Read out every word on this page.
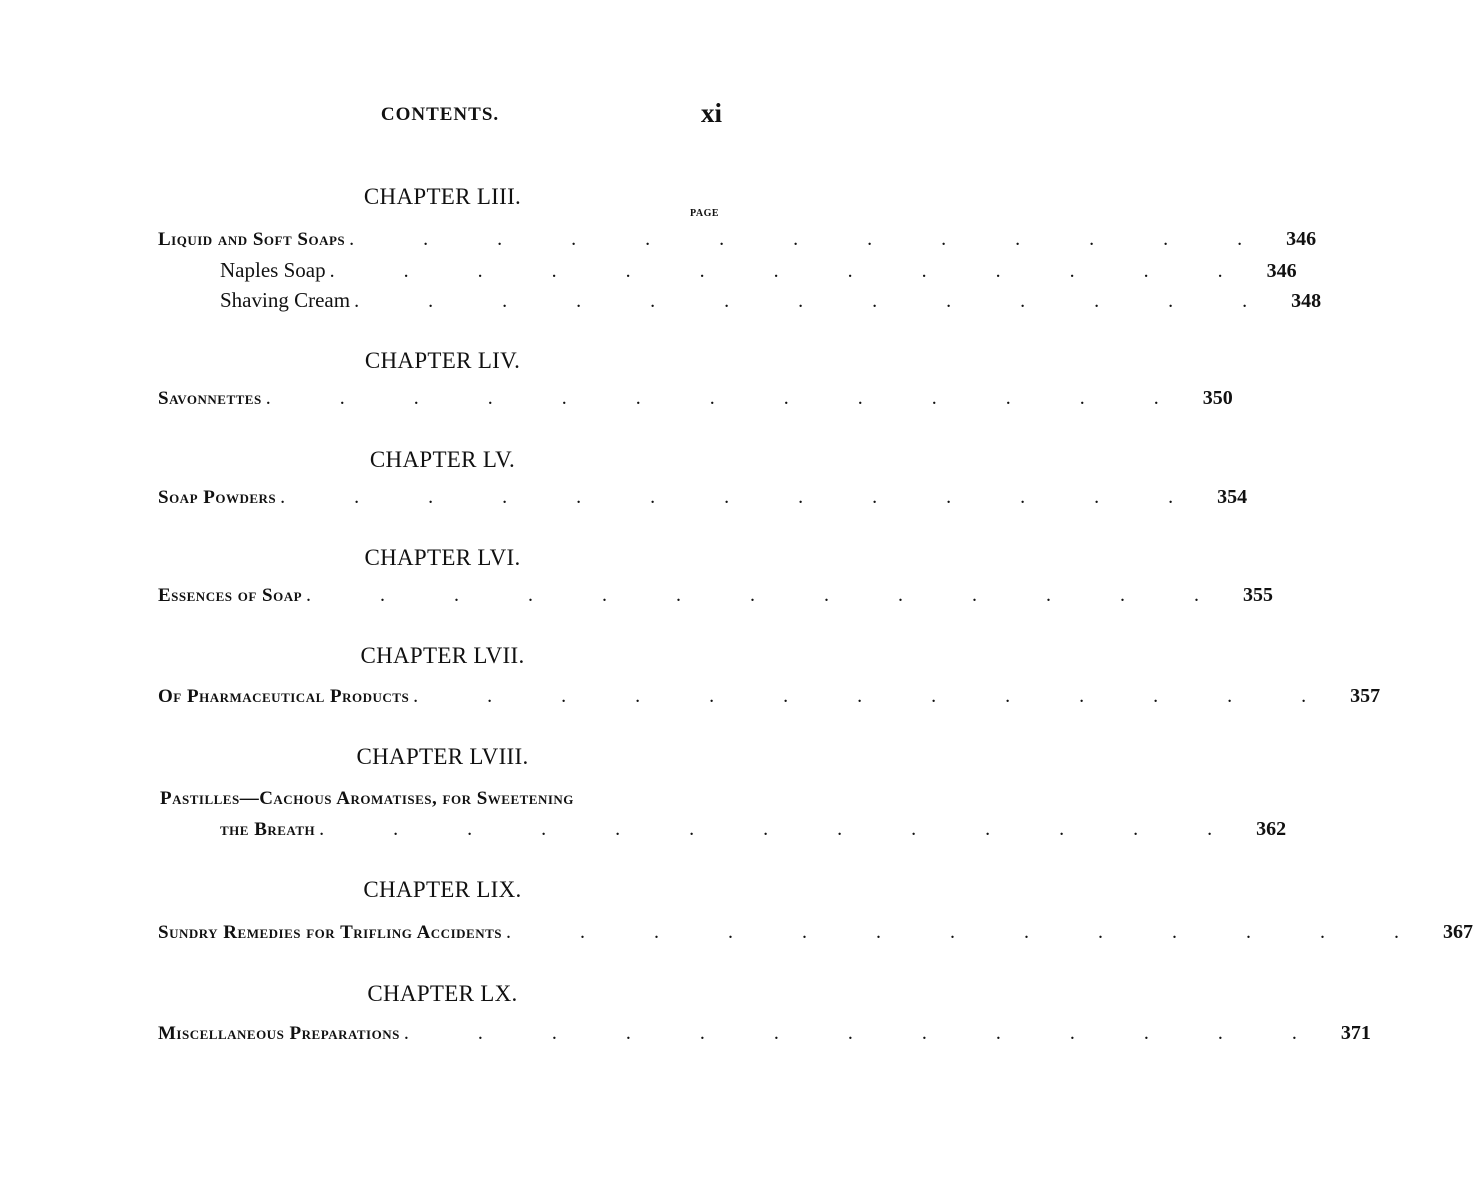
CONTENTS.	xi
CHAPTER LIII.
PAGE
Liquid and Soft Soaps . . . . . . . . . . . . . 346
Naples Soap . . . . . . . . . . . . . 346
Shaving Cream . . . . . . . . . . . . . 348
CHAPTER LIV.
Savonnettes . . . . . . . . . . . . . 350
CHAPTER LV.
Soap Powders . . . . . . . . . . . . . 354
CHAPTER LVI.
Essences of Soap . . . . . . . . . . . . . 355
CHAPTER LVII.
Of Pharmaceutical Products . . . . . . . . . . . . . 357
CHAPTER LVIII.
Pastilles—Cachous Aromatises, for Sweetening
the Breath . . . . . . . . . . . . . 362
CHAPTER LIX.
Sundry Remedies for Trifling Accidents . . . . . . . . . . . . . 367
CHAPTER LX.
Miscellaneous Preparations . . . . . . . . . . . . . 371
